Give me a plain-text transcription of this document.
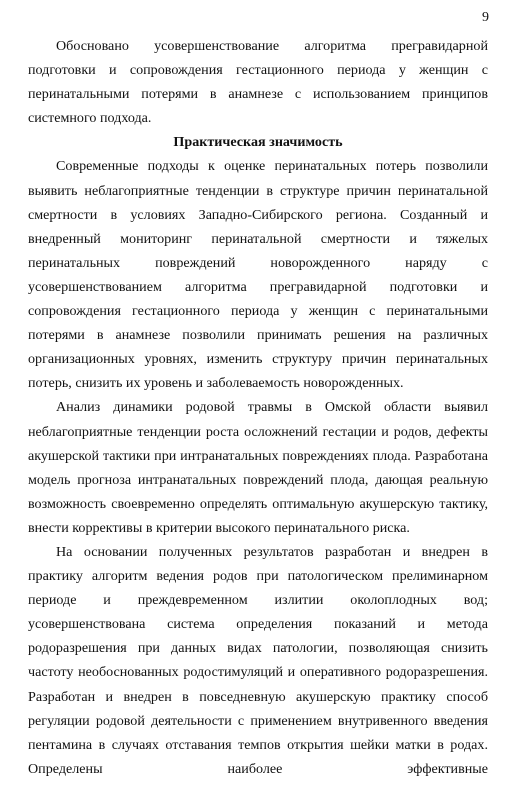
9

Обосновано усовершенствование алгоритма прегравидарной подготовки и сопровождения гестационного периода у женщин с перинатальными потерями в анамнезе с использованием принципов системного подхода.

Практическая значимость

Современные подходы к оценке перинатальных потерь позволили выявить неблагоприятные тенденции в структуре причин перинатальной смертности в условиях Западно-Сибирского региона. Созданный и внедренный мониторинг перинатальной смертности и тяжелых перинатальных повреждений новорожденного наряду с усовершенствованием алгоритма прегравидарной подготовки и сопровождения гестационного периода у женщин с перинатальными потерями в анамнезе позволили принимать решения на различных организационных уровнях, изменить структуру причин перинатальных потерь, снизить их уровень и заболеваемость новорожденных.

Анализ динамики родовой травмы в Омской области выявил неблагоприятные тенденции роста осложнений гестации и родов, дефекты акушерской тактики при интранатальных повреждениях плода. Разработана модель прогноза интранатальных повреждений плода, дающая реальную возможность своевременно определять оптимальную акушерскую тактику, внести коррективы в критерии высокого перинатального риска.

На основании полученных результатов разработан и внедрен в практику алгоритм ведения родов при патологическом прелиминарном периоде и преждевременном излитии околоплодных вод; усовершенствована система определения показаний и метода родоразрешения при данных видах патологии, позволяющая снизить частоту необоснованных родостимуляций и оперативного родоразрешения. Разработан и внедрен в повседневную акушерскую практику способ регуляции родовой деятельности с применением внутривенного введения пентамина в случаях отставания темпов открытия шейки матки в родах. Определены наиболее эффективные
